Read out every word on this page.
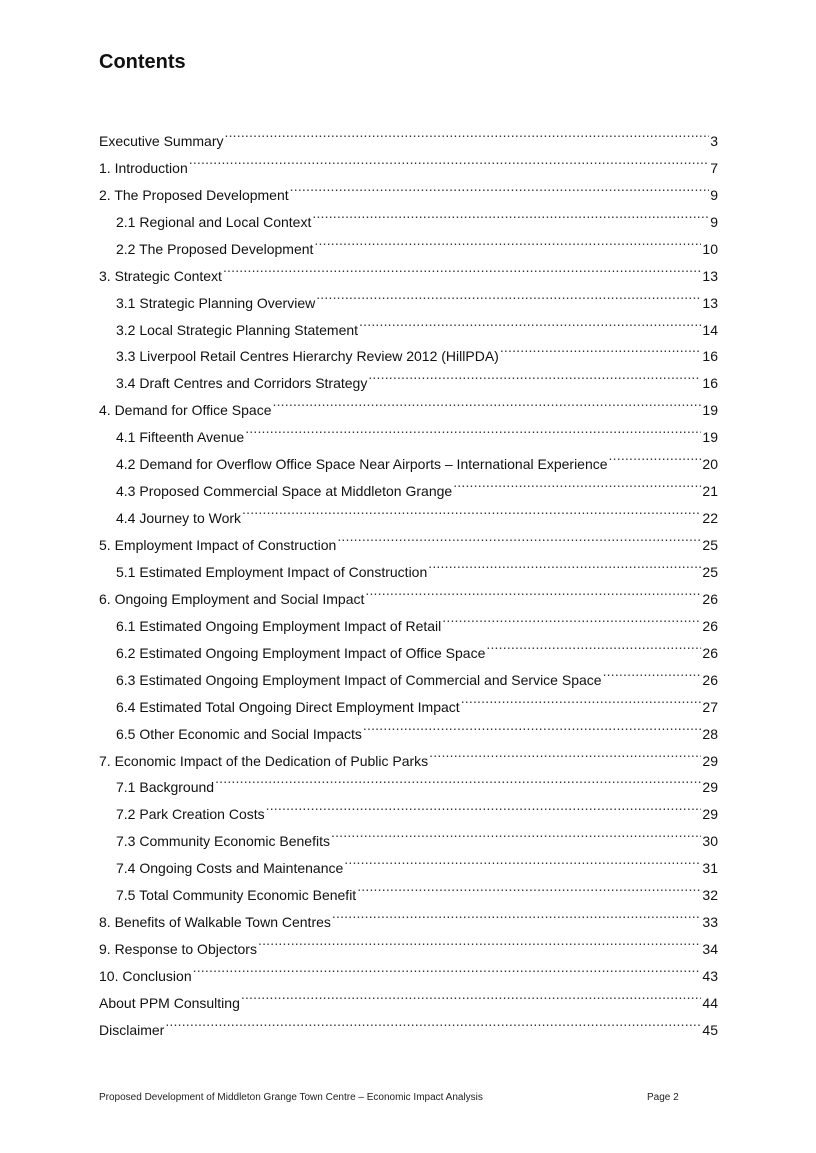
Contents
Executive Summary .....	3
1. Introduction .....	7
2. The Proposed Development .....	9
2.1 Regional and Local Context .....	9
2.2 The Proposed Development .....	10
3. Strategic Context .....	13
3.1 Strategic Planning Overview .....	13
3.2 Local Strategic Planning Statement .....	14
3.3 Liverpool Retail Centres Hierarchy Review 2012 (HillPDA) .....	16
3.4 Draft Centres and Corridors Strategy .....	16
4. Demand for Office Space .....	19
4.1 Fifteenth Avenue .....	19
4.2 Demand for Overflow Office Space Near Airports – International Experience .....	20
4.3 Proposed Commercial Space at Middleton Grange .....	21
4.4 Journey to Work .....	22
5. Employment Impact of Construction .....	25
5.1 Estimated Employment Impact of Construction .....	25
6. Ongoing Employment and Social Impact .....	26
6.1 Estimated Ongoing Employment Impact of Retail .....	26
6.2 Estimated Ongoing Employment Impact of Office Space .....	26
6.3 Estimated Ongoing Employment Impact of Commercial and Service Space .....	26
6.4 Estimated Total Ongoing Direct Employment Impact .....	27
6.5 Other Economic and Social Impacts .....	28
7. Economic Impact of the Dedication of Public Parks .....	29
7.1 Background .....	29
7.2 Park Creation Costs .....	29
7.3 Community Economic Benefits .....	30
7.4 Ongoing Costs and Maintenance .....	31
7.5 Total Community Economic Benefit .....	32
8. Benefits of Walkable Town Centres .....	33
9. Response to Objectors .....	34
10. Conclusion .....	43
About PPM Consulting .....	44
Disclaimer .....	45
Proposed Development of Middleton Grange Town Centre – Economic Impact Analysis	Page 2
